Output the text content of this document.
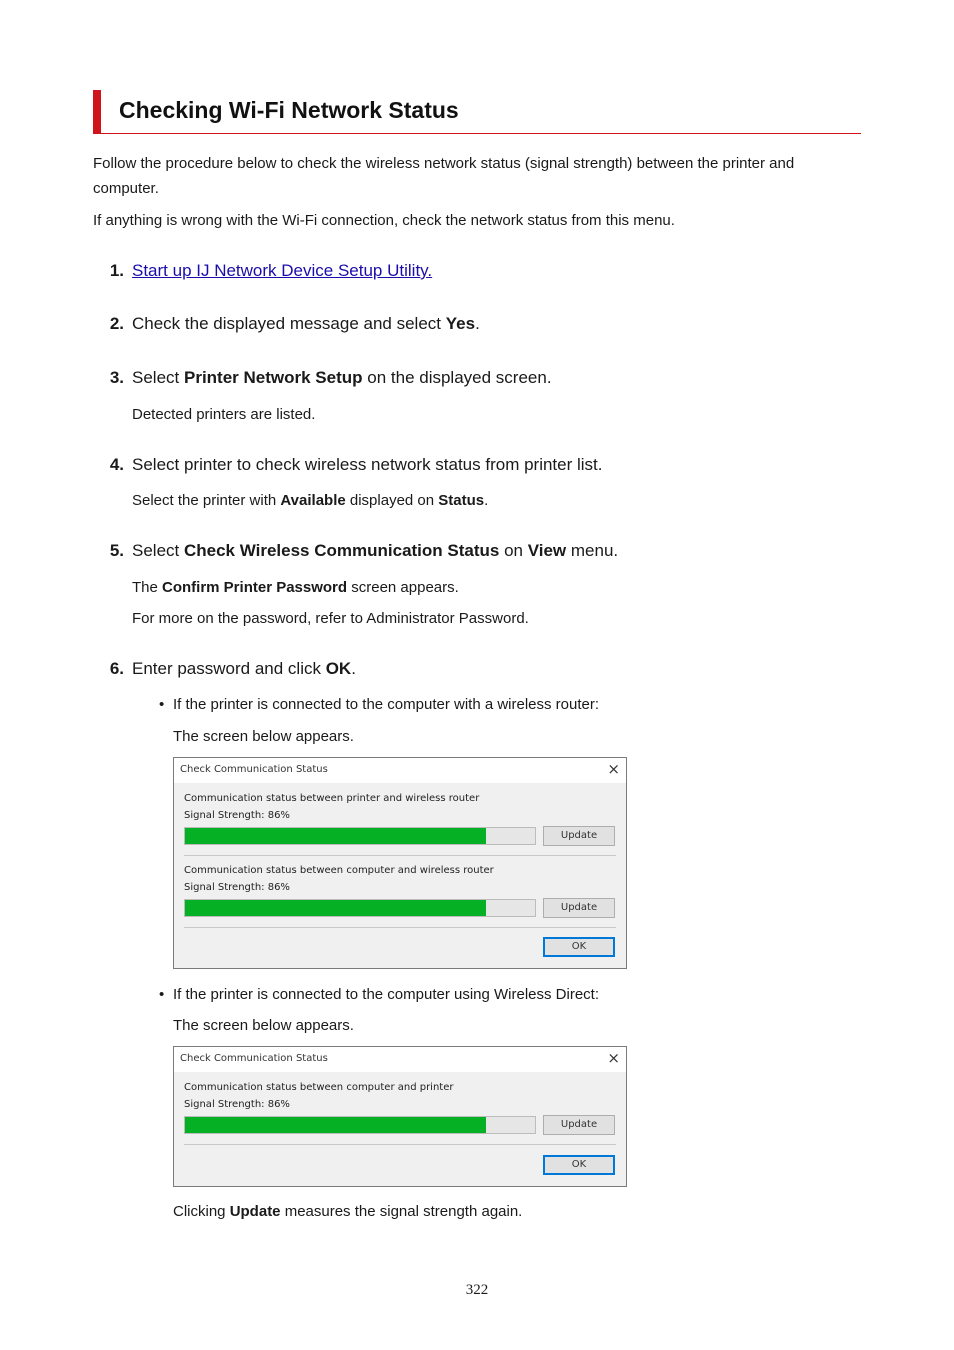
Checking Wi-Fi Network Status
Follow the procedure below to check the wireless network status (signal strength) between the printer and
computer.
If anything is wrong with the Wi-Fi connection, check the network status from this menu.
1. Start up IJ Network Device Setup Utility.
2. Check the displayed message and select Yes.
3. Select Printer Network Setup on the displayed screen.
Detected printers are listed.
4. Select printer to check wireless network status from printer list.
Select the printer with Available displayed on Status.
5. Select Check Wireless Communication Status on View menu.
The Confirm Printer Password screen appears.
For more on the password, refer to Administrator Password.
6. Enter password and click OK.
• If the printer is connected to the computer with a wireless router:
The screen below appears.
Check Communication Status	×
Communication status between printer and wireless router
Signal Strength: 86%
Update
Communication status between computer and wireless router
Signal Strength: 86%
Update
OK
• If the printer is connected to the computer using Wireless Direct:
The screen below appears.
Check Communication Status	×
Communication status between computer and printer
Signal Strength: 86%
Update
OK
Clicking Update measures the signal strength again.
322
